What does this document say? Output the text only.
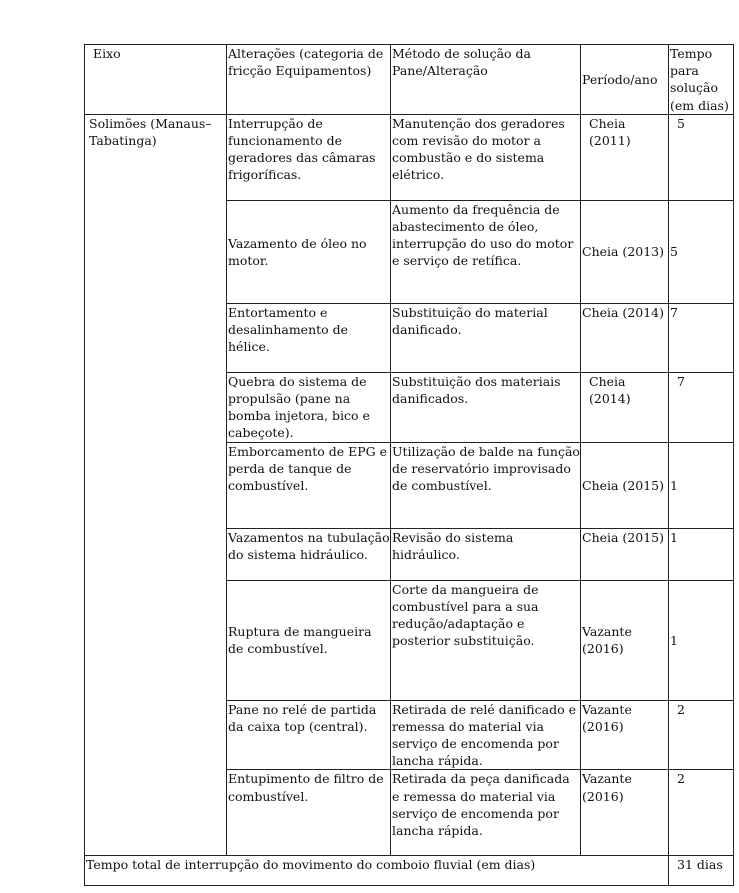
Eixo	Alterações (categoria de fricção Equipamentos)	Método de solução da Pane/Alteração	Período/ano	Tempo para solução (em dias)
Solimões (Manaus–Tabatinga)	Interrupção de funcionamento de geradores das câmaras frigoríficas.	Manutenção dos geradores com revisão do motor a combustão e do sistema elétrico.	Cheia (2011)	5
	Vazamento de óleo no motor.	Aumento da frequência de abastecimento de óleo, interrupção do uso do motor e serviço de retífica.	Cheia (2013)	5
	Entortamento e desalinhamento de hélice.	Substituição do material danificado.	Cheia (2014)	7
	Quebra do sistema de propulsão (pane na bomba injetora, bico e cabeçote).	Substituição dos materiais danificados.	Cheia (2014)	7
	Emborcamento de EPG e perda de tanque de combustível.	Utilização de balde na função de reservatório improvisado de combustível.	Cheia (2015)	1
	Vazamentos na tubulação do sistema hidráulico.	Revisão do sistema hidráulico.	Cheia (2015)	1
	Ruptura de mangueira de combustível.	Corte da mangueira de combustível para a sua redução/adaptação e posterior substituição.	Vazante (2016)	1
	Pane no relé de partida da caixa top (central).	Retirada de relé danificado e remessa do material via serviço de encomenda por lancha rápida.	Vazante (2016)	2
	Entupimento de filtro de combustível.	Retirada da peça danificada e remessa do material via serviço de encomenda por lancha rápida.	Vazante (2016)	2
Tempo total de interrupção do movimento do comboio fluvial (em dias)				31 dias
